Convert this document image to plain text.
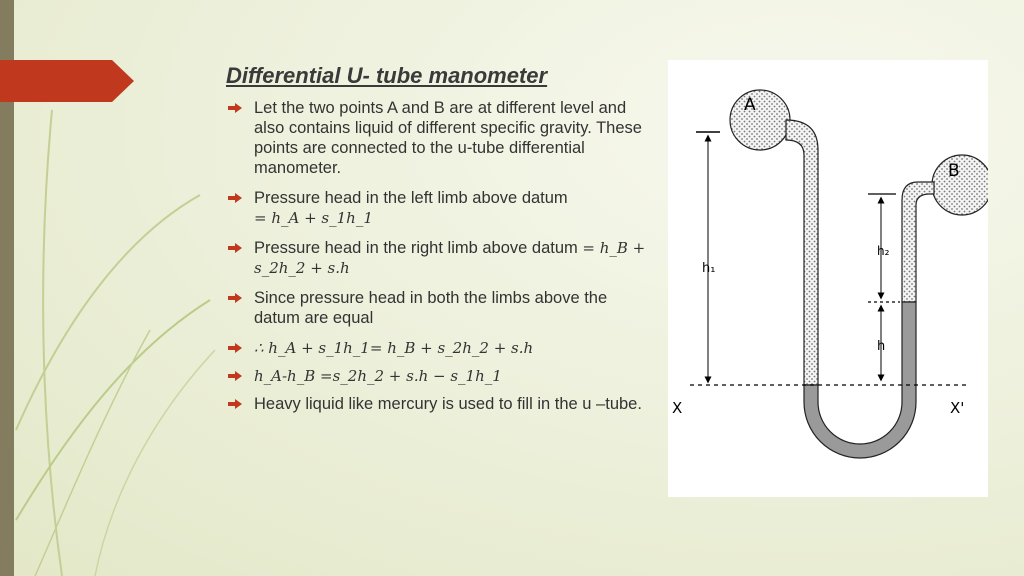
Differential U- tube manometer
Let the two points A and B are at different level and also contains liquid of different specific gravity. These points are connected to the u-tube differential manometer.
Pressure head in the left limb above datum
= h_A + s_1h_1
Pressure head in the right limb above datum = h_B + s_2h_2 + s.h
Since pressure head in both the limbs above the datum are equal
∴ h_A + s_1h_1= h_B + s_2h_2 + s.h
h_A-h_B =s_2h_2 + s.h − s_1h_1
Heavy liquid like mercury is used to fill in the u –tube.
A
B
h₁
h₂
h
X	X'
